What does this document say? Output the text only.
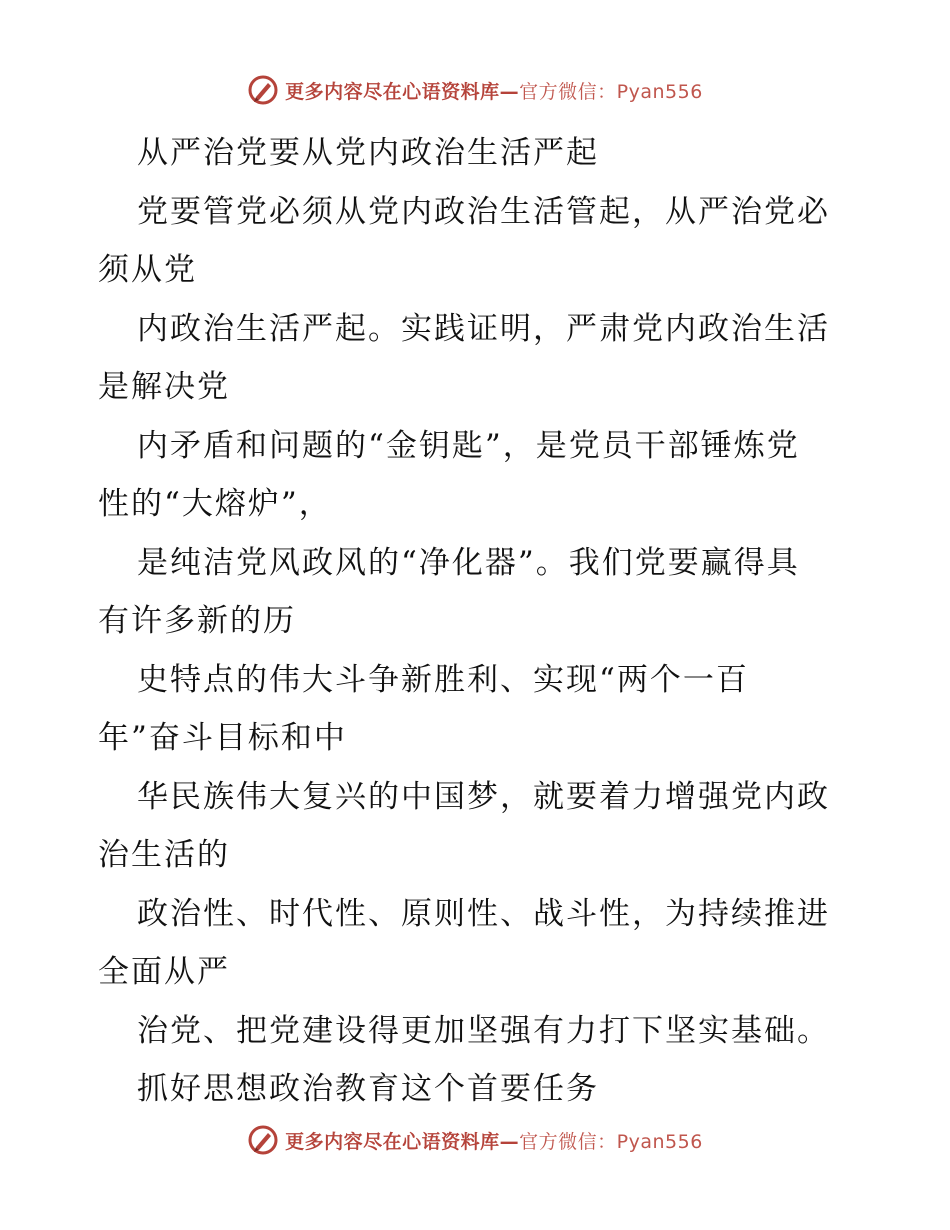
更多内容尽在心语资料库—官方微信：Pyan556
从严治党要从党内政治生活严起
党要管党必须从党内政治生活管起，从严治党必
须从党
内政治生活严起。实践证明，严肃党内政治生活
是解决党
内矛盾和问题的“金钥匙”，是党员干部锤炼党
性的“大熔炉”，
是纯洁党风政风的“净化器”。我们党要赢得具
有许多新的历
史特点的伟大斗争新胜利、实现“两个一百
年”奋斗目标和中
华民族伟大复兴的中国梦，就要着力增强党内政
治生活的
政治性、时代性、原则性、战斗性，为持续推进
全面从严
治党、把党建设得更加坚强有力打下坚实基础。
抓好思想政治教育这个首要任务
更多内容尽在心语资料库—官方微信：Pyan556
